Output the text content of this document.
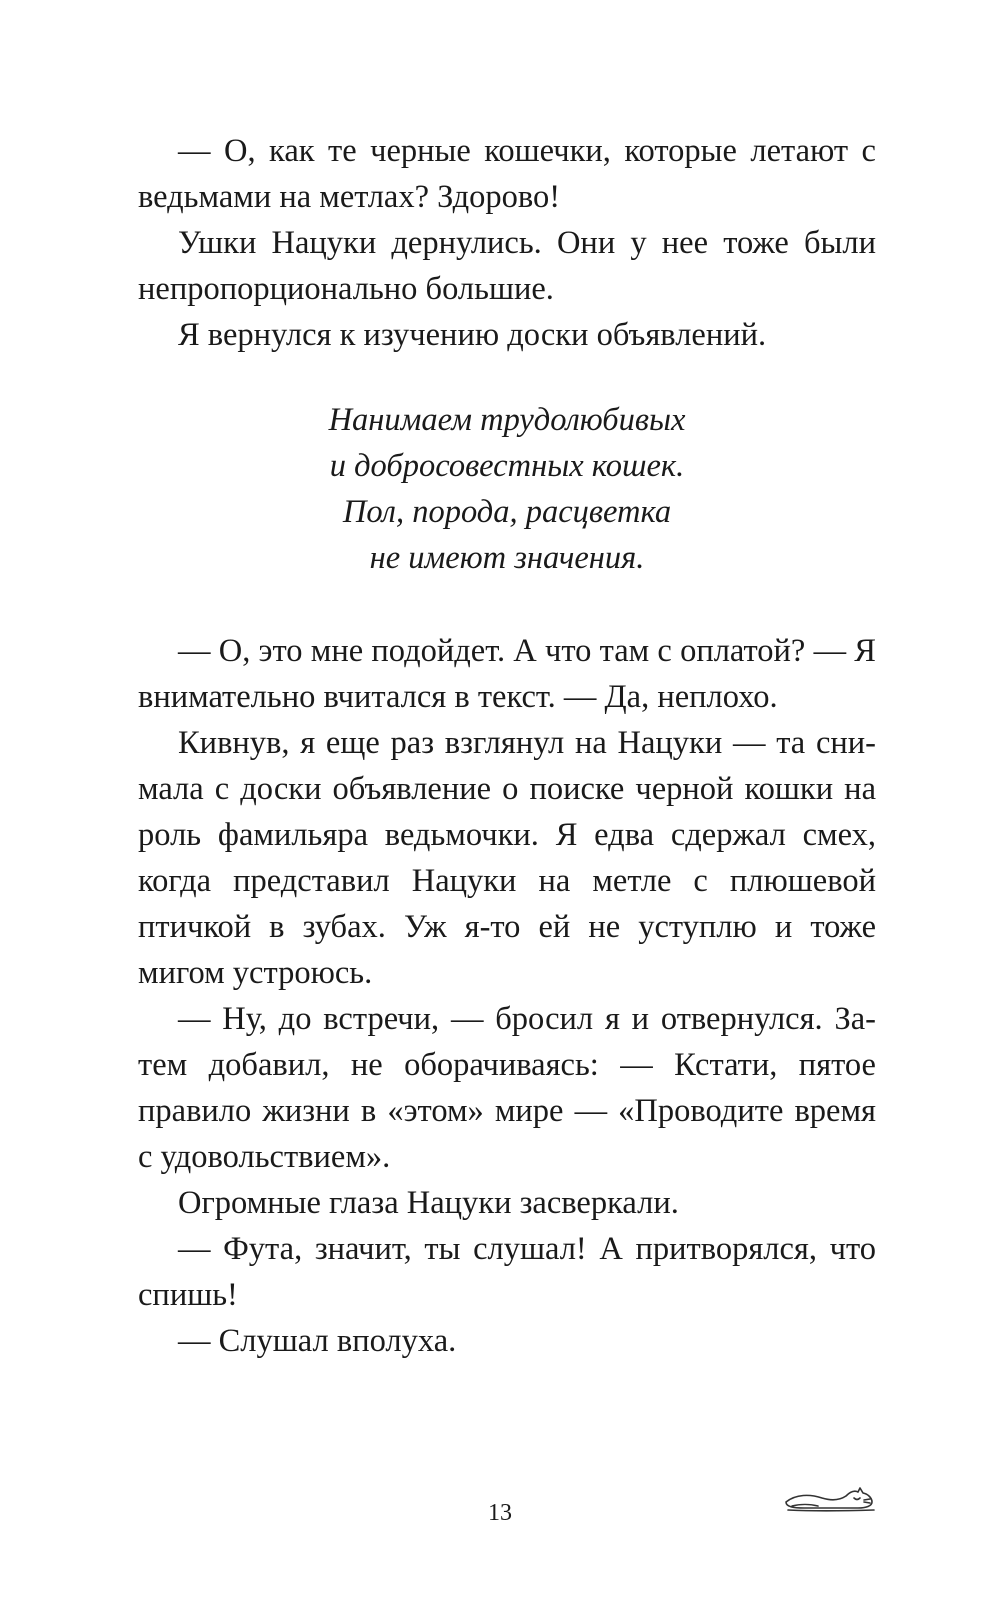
— О, как те черные кошечки, которые летают с ведьмами на метлах? Здорово!

Ушки Нацуки дернулись. Они у нее тоже были непропорционально большие.

Я вернулся к изучению доски объявлений.

Нанимаем трудолюбивых
и добросовестных кошек.
Пол, порода, расцветка
не имеют значения.

— О, это мне подойдет. А что там с оплатой? — Я внимательно вчитался в текст. — Да, неплохо.

Кивнув, я еще раз взглянул на Нацуки — та снимала с доски объявление о поиске черной кошки на роль фамильяра ведьмочки. Я едва сдержал смех, когда представил Нацуки на метле с плюшевой птичкой в зубах. Уж я-то ей не уступлю и тоже мигом устроюсь.

— Ну, до встречи, — бросил я и отвернулся. Затем добавил, не оборачиваясь: — Кстати, пятое правило жизни в «этом» мире — «Проводите время с удовольствием».

Огромные глаза Нацуки засверкали.

— Фута, значит, ты слушал! А притворялся, что спишь!

— Слушал вполуха.

13
